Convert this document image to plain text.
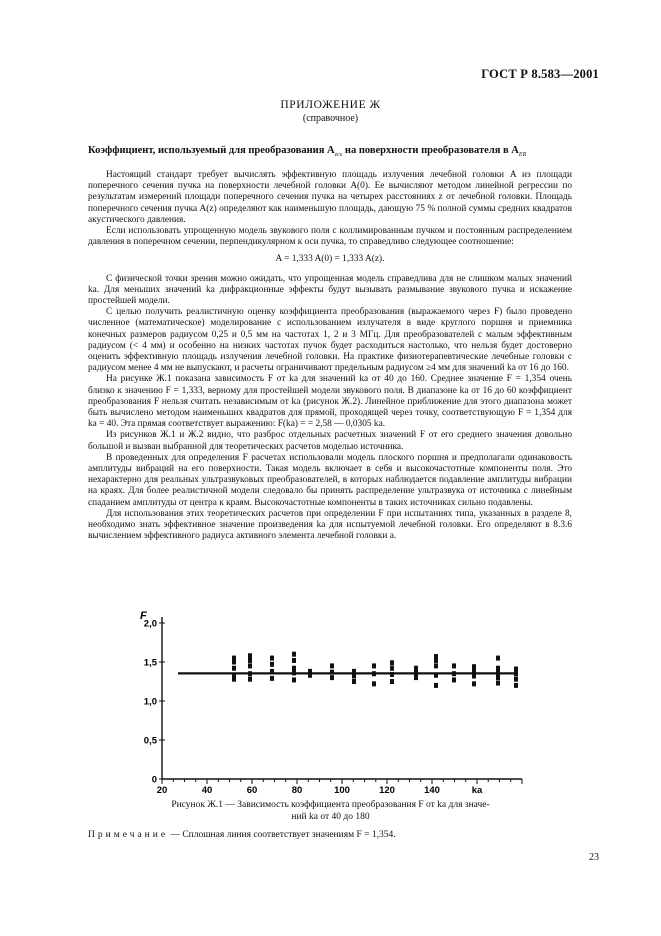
ГОСТ Р 8.583—2001
ПРИЛОЖЕНИЕ Ж
(справочное)
Коэффициент, используемый для преобразования $A_{ecs}$ на поверхности преобразователя в $A_{ER}$

Настоящий стандарт требует вычислять эффективную площадь излучения лечебной головки A из площади поперечного сечения пучка на поверхности лечебной головки A(0). Ее вычисляют методом линейной регрессии по результатам измерений площади поперечного сечения пучка на четырех расстояниях z от лечебной головки. Площадь поперечного сечения пучка A(z) определяют как наименьшую площадь, дающую 75 % полной суммы средних квадратов акустического давления.

Если использовать упрощенную модель звукового поля с коллимированным пучком и постоянным распределением давления в поперечном сечении, перпендикулярном к оси пучка, то справедливо следующее соотношение:

A = 1,333 A(0) = 1,333 A(z).

С физической точки зрения можно ожидать, что упрощенная модель справедлива для не слишком малых значений ka. Для меньших значений ka дифракционные эффекты будут вызывать размывание звукового пучка и искажение простейшей модели.

С целью получить реалистичную оценку коэффициента преобразования (выражаемого через F) было проведено численное (математическое) моделирование с использованием излучателя в виде круглого поршня и приемника конечных размеров радиусом 0,25 и 0,5 мм на частотах 1, 2 и 3 МГц. Для преобразователей с малым эффективным радиусом (< 4 мм) и особенно на низких частотах пучок будет расходиться настолько, что нельзя будет достоверно оценить эффективную площадь излучения лечебной головки. На практике физиотерапевтические лечебные головки с радиусом менее 4 мм не выпускают, и расчеты ограничивают предельным радиусом ≥4 мм для значений ka от 16 до 160.

На рисунке Ж.1 показана зависимость F от ka для значений ka от 40 до 160. Среднее значение F = 1,354 очень близко к значению F = 1,333, верному для простейшей модели звукового поля. В диапазоне ka от 16 до 60 коэффициент преобразования F нельзя считать независимым от ka (рисунок Ж.2). Линейное приближение для этого диапазона может быть вычислено методом наименьших квадратов для прямой, проходящей через точку, соответствующую F = 1,354 для ka = 40. Эта прямая соответствует выражению: F(ka) = = 2,58 — 0,0305 ka.

Из рисунков Ж.1 и Ж.2 видно, что разброс отдельных расчетных значений F от его среднего значения довольно большой и вызван выбранной для теоретических расчетов моделью источника.

В проведенных для определения F расчетах использовали модель плоского поршня и предполагали одинаковость амплитуды вибраций на его поверхности. Такая модель включает в себя и высокочастотные компоненты поля. Это нехарактерно для реальных ультразвуковых преобразователей, в которых наблюдается подавление амплитуды вибрации на краях. Для более реалистичной модели следовало бы принять распределение ультразвука от источника с линейным спаданием амплитуды от центра к краям. Высокочастотные компоненты в таких источниках сильно подавлены.

Для использования этих теоретических расчетов при определении F при испытаниях типа, указанных в разделе 8, необходимо знать эффективное значение произведения ka для испытуемой лечебной головки. Его определяют в 8.3.6 вычислением эффективного радиуса активного элемента лечебной головки a.

0
0,5
1,0
1,5
2,0
20	40	60	80	100	120	140	ka
F
Рисунок Ж.1 — Зависимость коэффициента преобразования F от ka для значе-
ний ka от 40 до 180
Примечание — Сплошная линия соответствует значениям F = 1,354.
23
